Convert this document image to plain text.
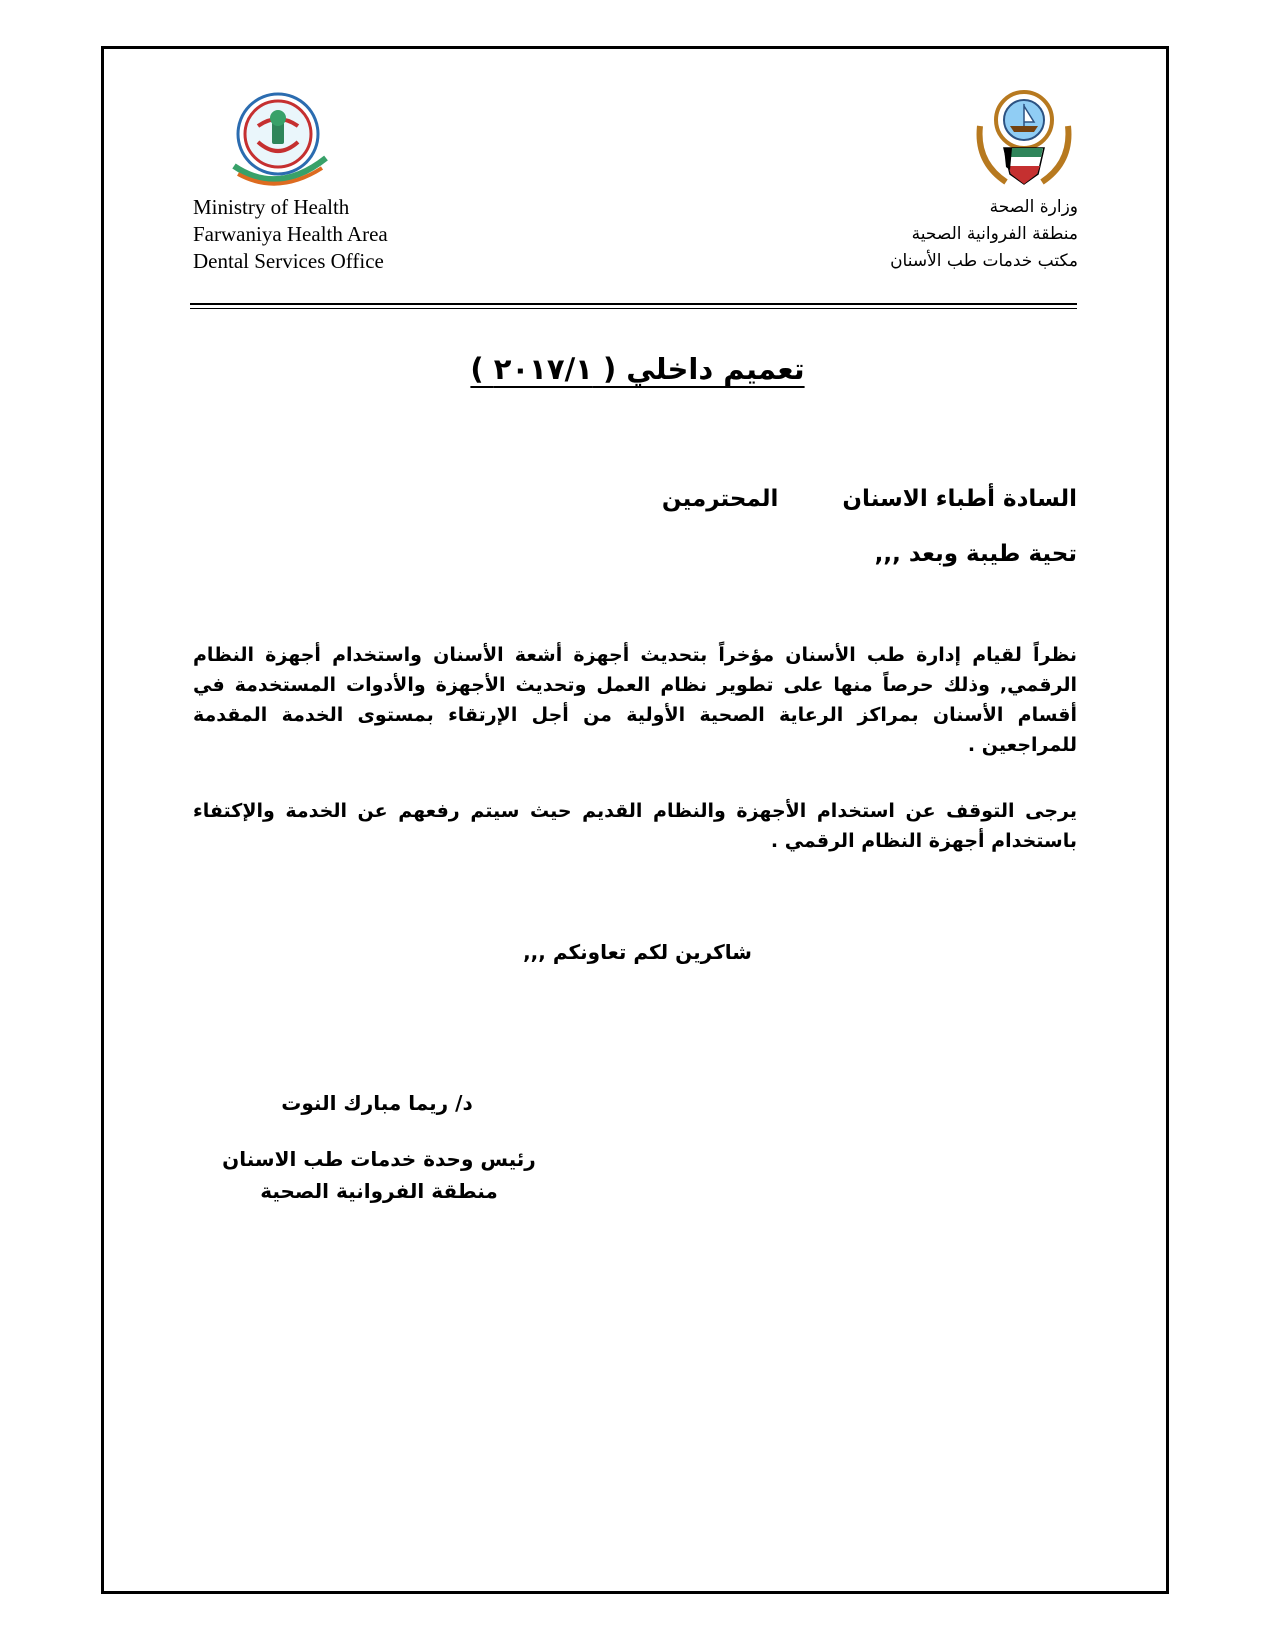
Ministry of Health
Farwaniya Health Area
Dental Services Office
وزارة الصحة
منطقة الفروانية الصحية
مكتب خدمات طب الأسنان
تعميم داخلي ( ٢٠١٧/١ )
السادة أطباء الاسنانالمحترمين
تحية طيبة وبعد ,,,
نظراً لقيام إدارة طب الأسنان مؤخراً بتحديث أجهزة أشعة الأسنان واستخدام أجهزة النظام الرقمي, وذلك حرصاً منها على تطوير نظام العمل وتحديث الأجهزة والأدوات المستخدمة في أقسام الأسنان بمراكز الرعاية الصحية الأولية من أجل الإرتقاء بمستوى الخدمة المقدمة للمراجعين .
يرجى التوقف عن استخدام الأجهزة والنظام القديم حيث سيتم رفعهم عن الخدمة والإكتفاء باستخدام أجهزة النظام الرقمي .
شاكرين لكم تعاونكم ,,,
د/ ريما مبارك النوت
رئيس وحدة خدمات طب الاسنان
منطقة الفروانية الصحية
